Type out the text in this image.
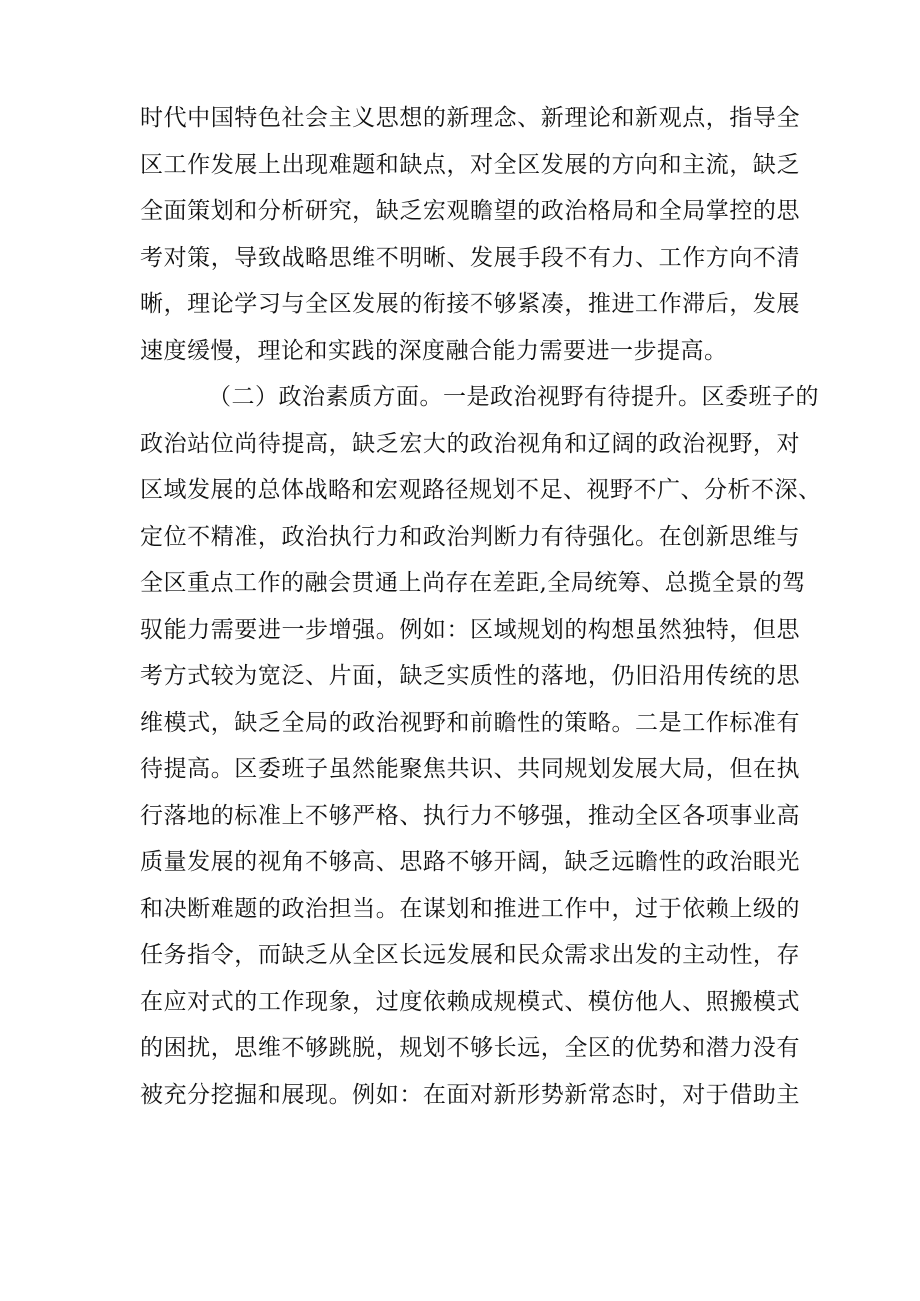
时代中国特色社会主义思想的新理念、新理论和新观点，指导全
区工作发展上出现难题和缺点，对全区发展的方向和主流，缺乏
全面策划和分析研究，缺乏宏观瞻望的政治格局和全局掌控的思
考对策，导致战略思维不明晰、发展手段不有力、工作方向不清
晰，理论学习与全区发展的衔接不够紧凑，推进工作滞后，发展
速度缓慢，理论和实践的深度融合能力需要进一步提高。
（二）政治素质方面。一是政治视野有待提升。区委班子的
政治站位尚待提高，缺乏宏大的政治视角和辽阔的政治视野，对
区域发展的总体战略和宏观路径规划不足、视野不广、分析不深、
定位不精准，政治执行力和政治判断力有待强化。在创新思维与
全区重点工作的融会贯通上尚存在差距,全局统筹、总揽全景的驾
驭能力需要进一步增强。例如：区域规划的构想虽然独特，但思
考方式较为宽泛、片面，缺乏实质性的落地，仍旧沿用传统的思
维模式，缺乏全局的政治视野和前瞻性的策略。二是工作标准有
待提高。区委班子虽然能聚焦共识、共同规划发展大局，但在执
行落地的标准上不够严格、执行力不够强，推动全区各项事业高
质量发展的视角不够高、思路不够开阔，缺乏远瞻性的政治眼光
和决断难题的政治担当。在谋划和推进工作中，过于依赖上级的
任务指令，而缺乏从全区长远发展和民众需求出发的主动性，存
在应对式的工作现象，过度依赖成规模式、模仿他人、照搬模式
的困扰，思维不够跳脱，规划不够长远，全区的优势和潜力没有
被充分挖掘和展现。例如：在面对新形势新常态时，对于借助主
